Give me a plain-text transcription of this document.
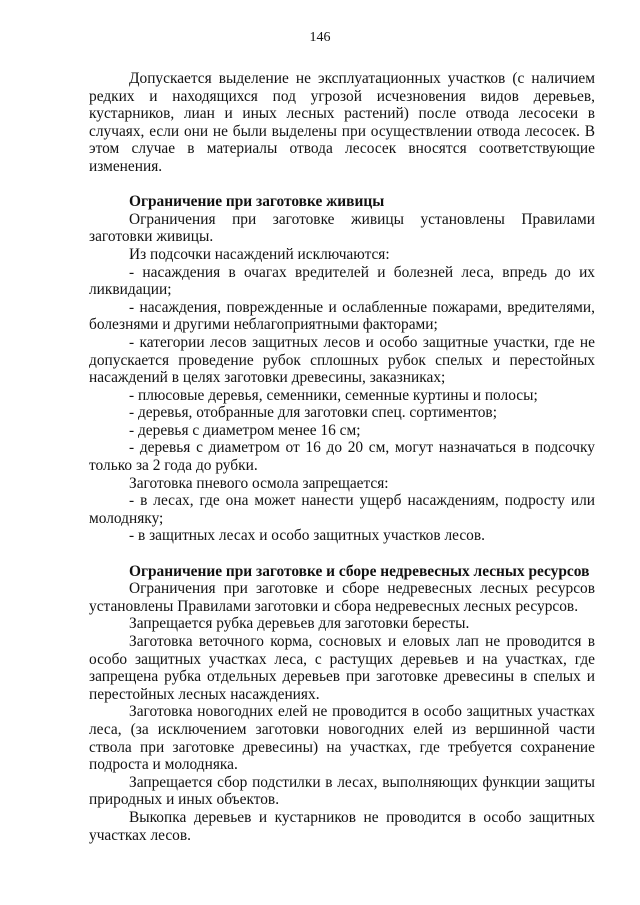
146

Допускается выделение не эксплуатационных участков (с наличием редких и находящихся под угрозой исчезновения видов деревьев, кустарников, лиан и иных лесных растений) после отвода лесосеки в случаях, если они не были выделены при осуществлении отвода лесосек. В этом случае в материалы отвода лесосек вносятся соответствующие изменения.

Ограничение при заготовке живицы

Ограничения при заготовке живицы установлены Правилами заготовки живицы.

Из подсочки насаждений исключаются:

- насаждения в очагах вредителей и болезней леса, впредь до их ликвидации;

- насаждения, поврежденные и ослабленные пожарами, вредителями, болезнями и другими неблагоприятными факторами;

- категории лесов защитных лесов и особо защитные участки, где не допускается проведение рубок сплошных рубок спелых и перестойных насаждений в целях заготовки древесины, заказниках;

- плюсовые деревья, семенники, семенные куртины и полосы;

- деревья, отобранные для заготовки спец. сортиментов;

- деревья с диаметром менее 16 см;

- деревья с диаметром от 16 до 20 см, могут назначаться в подсочку только за 2 года до рубки.

Заготовка пневого осмола запрещается:

- в лесах, где она может нанести ущерб насаждениям, подросту или молодняку;

- в защитных лесах и особо защитных участков лесов.

Ограничение при заготовке и сборе недревесных лесных ресурсов

Ограничения при заготовке и сборе недревесных лесных ресурсов установлены Правилами заготовки и сбора недревесных лесных ресурсов.

Запрещается рубка деревьев для заготовки бересты.

Заготовка веточного корма, сосновых и еловых лап не проводится в особо защитных участках леса, с растущих деревьев и на участках, где запрещена рубка отдельных деревьев при заготовке древесины в спелых и перестойных лесных насаждениях.

Заготовка новогодних елей не проводится в особо защитных участках леса, (за исключением заготовки новогодних елей из вершинной части ствола при заготовке древесины) на участках, где требуется сохранение подроста и молодняка.

Запрещается сбор подстилки в лесах, выполняющих функции защиты природных и иных объектов.

Выкопка деревьев и кустарников не проводится в особо защитных участках лесов.
